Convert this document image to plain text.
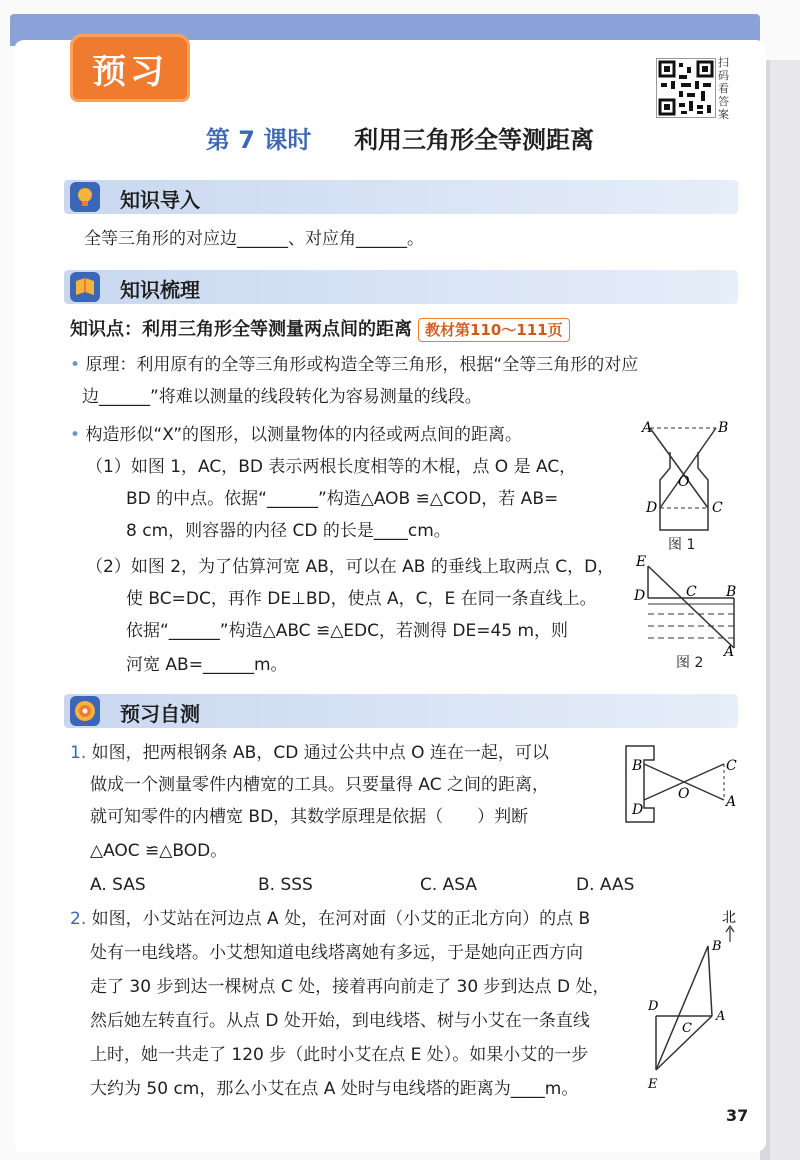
预习	扫码看答案
第 7 课时 利用三角形全等测距离
知识导入
全等三角形的对应边______、对应角______。
知识梳理
知识点：利用三角形全等测量两点间的距离 教材第110～111页
• 原理：利用原有的全等三角形或构造全等三角形，根据“全等三角形的对应
边______”将难以测量的线段转化为容易测量的线段。
• 构造形似“X”的图形，以测量物体的内径或两点间的距离。
（1）如图 1，AC，BD 表示两根长度相等的木棍，点 O 是 AC，
BD 的中点。依据“______”构造△AOB ≌△COD，若 AB=
8 cm，则容器的内径 CD 的长是____cm。
（2）如图 2，为了估算河宽 AB，可以在 AB 的垂线上取两点 C，D，
使 BC=DC，再作 DE⊥BD，使点 A，C，E 在同一条直线上。
依据“______”构造△ABC ≌△EDC，若测得 DE=45 m，则
河宽 AB=______m。
A	B
O
C
D
图 1
E
D	C B
A
图 2
预习自测
1. 如图，把两根钢条 AB，CD 通过公共中点 O 连在一起，可以
做成一个测量零件内槽宽的工具。只要量得 AC 之间的距离，
就可知零件的内槽宽 BD，其数学原理是依据（　　）判断
△AOC ≌△BOD。
A. SAS	B. SSS	C. ASA	D. AAS
B
D
O
C
A
2. 如图，小艾站在河边点 A 处，在河对面（小艾的正北方向）的点 B
处有一电线塔。小艾想知道电线塔离她有多远，于是她向正西方向
走了 30 步到达一棵树点 C 处，接着再向前走了 30 步到达点 D 处，
然后她左转直行。从点 D 处开始，到电线塔、树与小艾在一条直线
上时，她一共走了 120 步（此时小艾在点 E 处）。如果小艾的一步
大约为 50 cm，那么小艾在点 A 处时与电线塔的距离为____m。
北
B
D
C
A
E
37
